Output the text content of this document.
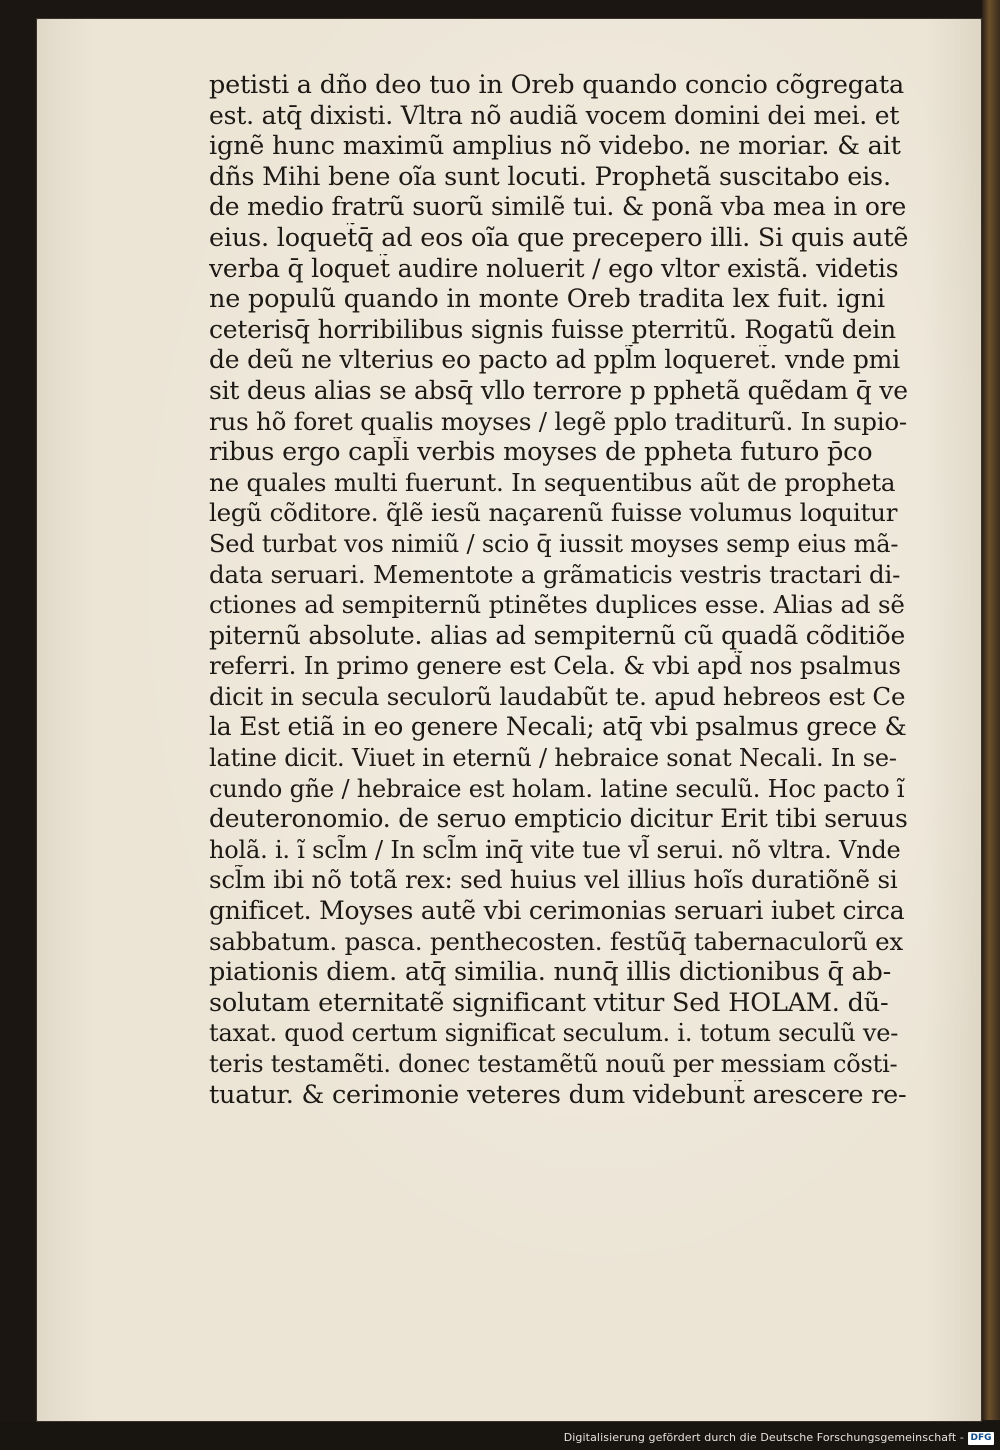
petisti a dño deo tuo in Oreb quando concio cõgregata
est. atq̄ dixisti. Vltra nõ audiã vocem domini dei mei. et
ignẽ hunc maximũ amplius nõ videbo. ne moriar. & ait
dñs Mihi bene oĩa sunt locuti. Prophetã suscitabo eis.
de medio fratrũ suorũ similẽ tui. & ponã vba mea in ore
eius. loquet̃q̄ ad eos oĩa que precepero illi. Si quis autẽ
verba q̄ loquet̃ audire noluerit / ego vltor existã. videtis
ne populũ quando in monte Oreb tradita lex fuit. igni
ceterisq̄ horribilibus signis fuisse pterritũ. Rogatũ dein
de deũ ne vlterius eo pacto ad ppl̃m loqueret̃. vnde pmi
sit deus alias se absq̄ vllo terrore p pphetã quẽdam q̄ ve
rus hõ foret qualis moyses / legẽ pplo traditurũ. In supio-
ribus ergo capl̃i verbis moyses de ppheta futuro p̄co
ne quales multi fuerunt. In sequentibus aũt de propheta
legũ cõditore. q̃lẽ iesũ naçarenũ fuisse volumus loquitur
Sed turbat vos nimiũ / scio q̄ iussit moyses semp eius mã-
data seruari. Mementote a grãmaticis vestris tractari di-
ctiones ad sempiternũ ptinẽtes duplices esse. Alias ad sẽ
piternũ absolute. alias ad sempiternũ cũ quadã cõditiõe
referri. In primo genere est Cela. & vbi apd̃ nos psalmus
dicit in secula seculorũ laudabũt te. apud hebreos est Ce
la Est etiã in eo genere Necali; atq̄ vbi psalmus grece &
latine dicit. Viuet in eternũ / hebraice sonat Necali. In se-
cundo gñe / hebraice est holam. latine seculũ. Hoc pacto ĩ
deuteronomio. de seruo empticio dicitur Erit tibi seruus
holã. i. ĩ scl̃m / In scl̃m inq̄ vite tue vl̃ serui. nõ vltra. Vnde
scl̃m ibi nõ totã rex: sed huius vel illius hoĩs duratiõnẽ si
gnificet. Moyses autẽ vbi cerimonias seruari iubet circa
sabbatum. pasca. penthecosten. festũq̄ tabernaculorũ ex
piationis diem. atq̄ similia. nunq̄ illis dictionibus q̄ ab-
solutam eternitatẽ significant vtitur Sed HOLAM. dũ-
taxat. quod certum significat seculum. i. totum seculũ ve-
teris testamẽti. donec testamẽtũ nouũ per messiam cõsti-
tuatur. & cerimonie veteres dum videbunt̃ arescere re-
Digitalisierung gefördert durch die Deutsche Forschungsgemeinschaft - DFG
